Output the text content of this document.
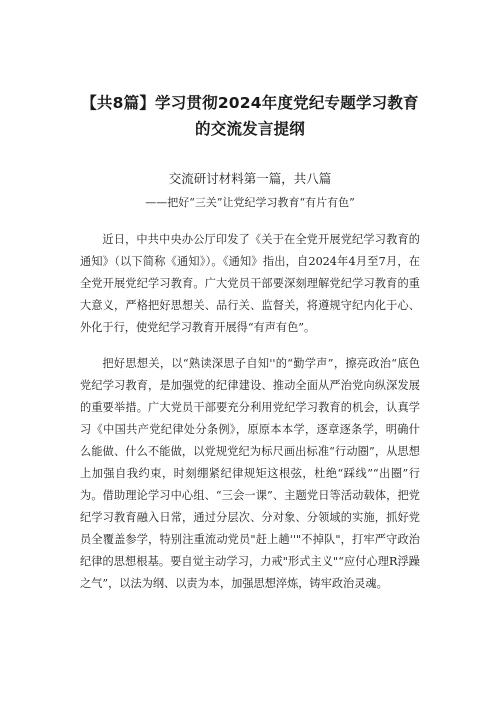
【共8篇】学习贯彻2024年度党纪专题学习教育
的交流发言提纲
交流研讨材料第一篇，共八篇
——把好“三关”让党纪学习教育“有片有色”

近日，中共中央办公厅印发了《关于在全党开展党纪学习教育的通知》（以下简称《通知》）。《通知》指出，自2024年4月至7月，在全党开展党纪学习教育。广大党员干部要深刻理解党纪学习教育的重大意义，严格把好思想关、品行关、监督关，将遵规守纪内化于心、外化于行，使党纪学习教育开展得“有声有色”。

把好思想关，以“熟读深思子自知''的“勤学声”，擦亮政治“底色党纪学习教育，是加强党的纪律建设、推动全面从严治党向纵深发展的重要举措。广大党员干部要充分利用党纪学习教育的机会，认真学习《中国共产党纪律处分条例》，原原本本学，逐章逐条学，明确什么能做、什么不能做，以党规党纪为标尺画出标准“行动圈”，从思想上加强自我约束，时刻绷紧纪律规矩这根弦，杜绝“踩线”“出圈”行为。借助理论学习中心组、“三会一课”、主题党日等活动载体，把党纪学习教育融入日常，通过分层次、分对象、分领域的实施，抓好党员全覆盖参学，特别注重流动党员"赶上趟''"不掉队"，打牢严守政治纪律的思想根基。要自觉主动学习，力戒"形式主义"“应付心理R浮躁之气”，以法为纲、以责为本，加强思想淬炼，铸牢政治灵魂。
